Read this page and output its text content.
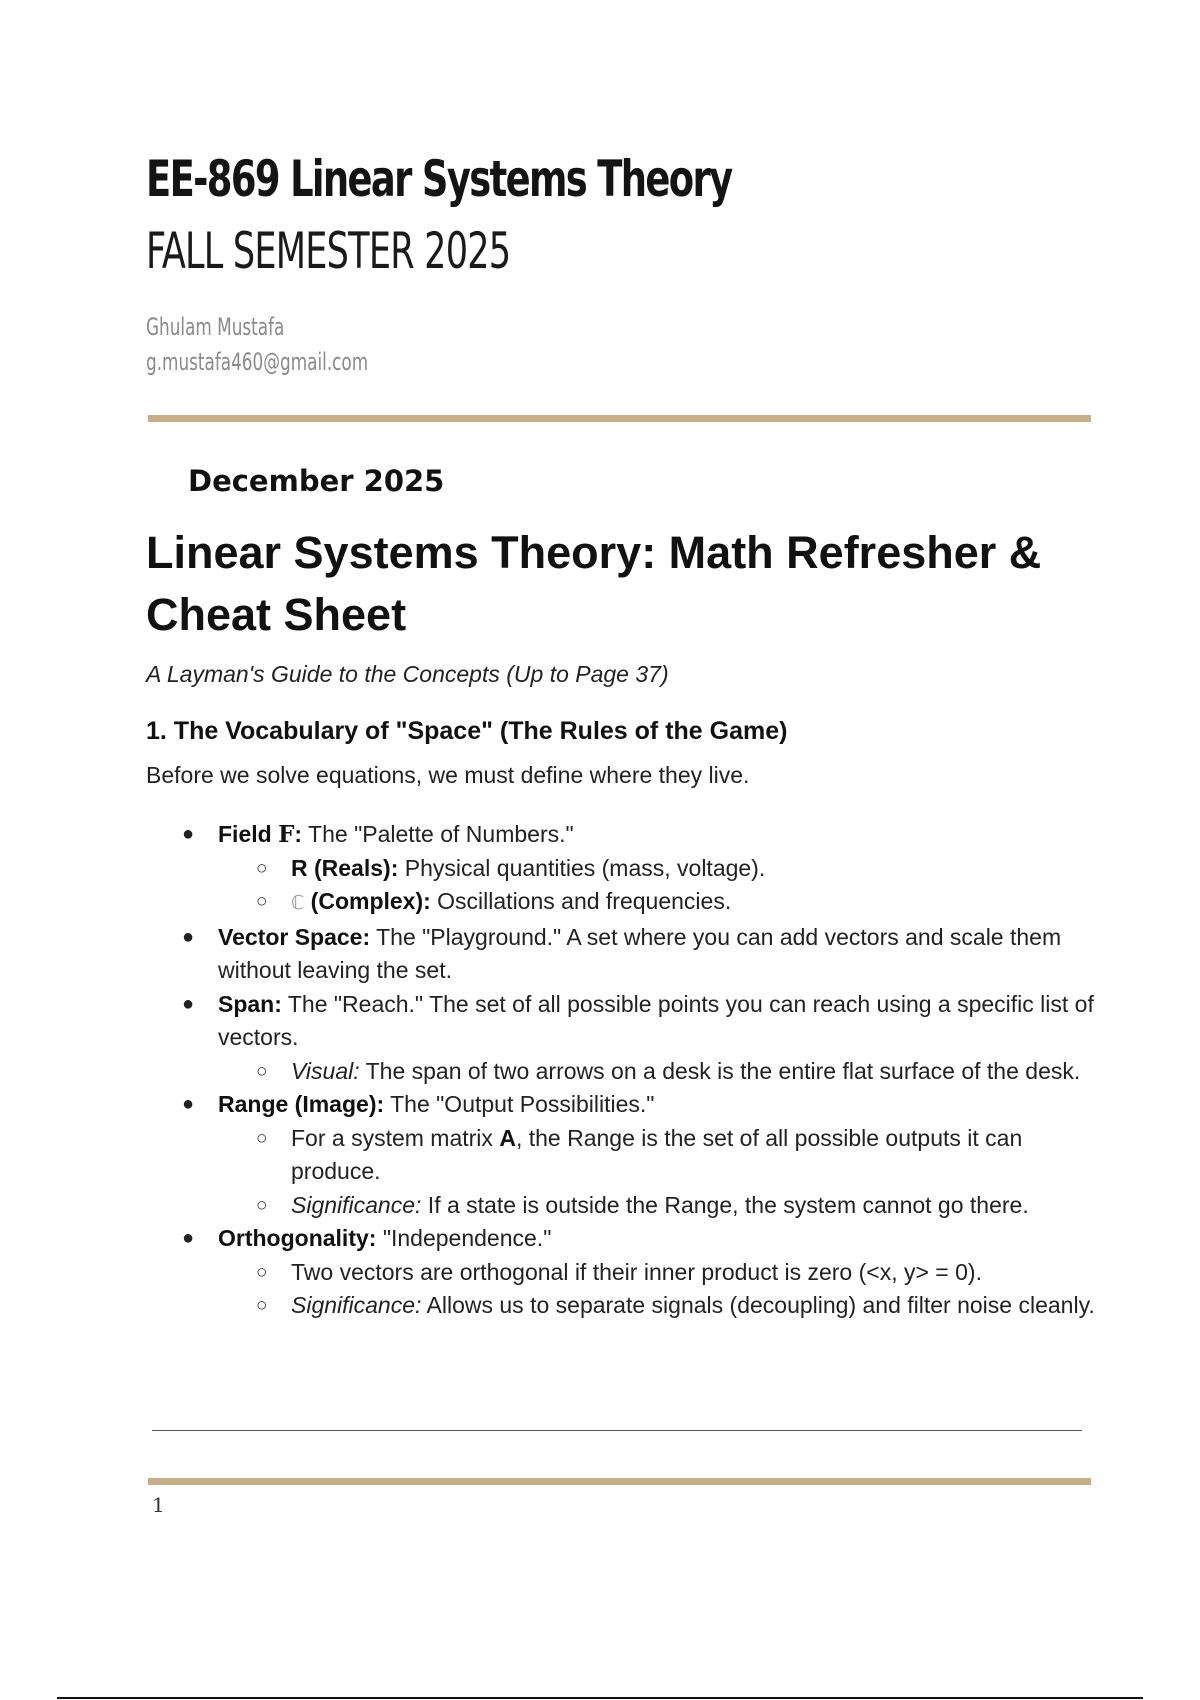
EE-869 Linear Systems Theory
FALL SEMESTER 2025
Ghulam Mustafa
g.mustafa460@gmail.com
December 2025
Linear Systems Theory: Math Refresher & Cheat Sheet
A Layman's Guide to the Concepts (Up to Page 37)
1. The Vocabulary of "Space" (The Rules of the Game)
Before we solve equations, we must define where they live.
● Field F: The "Palette of Numbers."
○ R (Reals): Physical quantities (mass, voltage).
○ ℂ (Complex): Oscillations and frequencies.
● Vector Space: The "Playground." A set where you can add vectors and scale them without leaving the set.
● Span: The "Reach." The set of all possible points you can reach using a specific list of vectors.
○ Visual: The span of two arrows on a desk is the entire flat surface of the desk.
● Range (Image): The "Output Possibilities."
○ For a system matrix A, the Range is the set of all possible outputs it can produce.
○ Significance: If a state is outside the Range, the system cannot go there.
● Orthogonality: "Independence."
○ Two vectors are orthogonal if their inner product is zero (<x, y> = 0).
○ Significance: Allows us to separate signals (decoupling) and filter noise cleanly.
1
